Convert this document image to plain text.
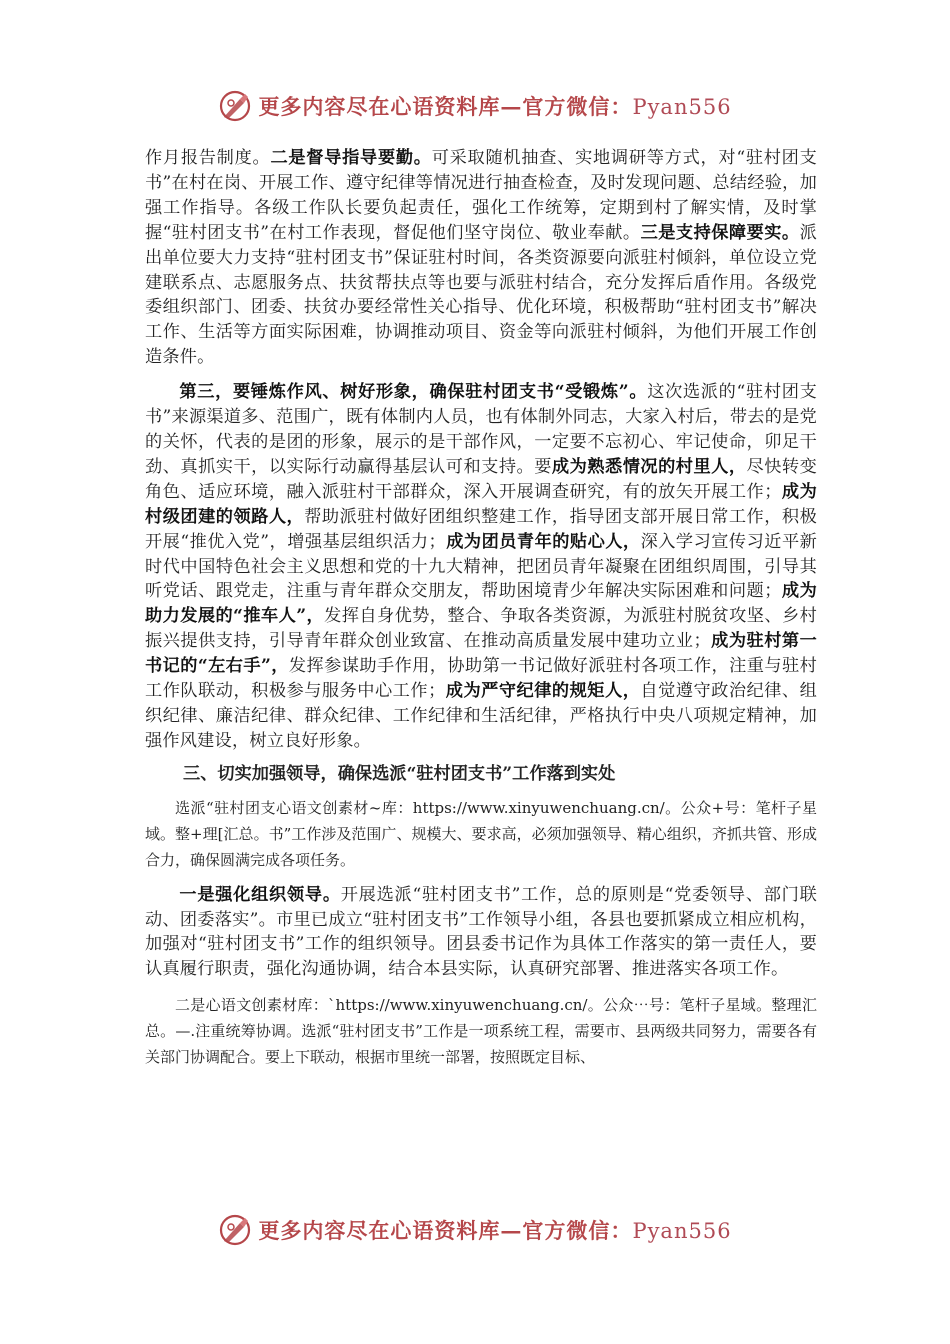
更多内容尽在心语资料库—官方微信：Pyan556

作月报告制度。二是督导指导要勤。可采取随机抽查、实地调研等方式，对“驻村团支书”在村在岗、开展工作、遵守纪律等情况进行抽查检查，及时发现问题、总结经验，加强工作指导。各级工作队长要负起责任，强化工作统筹，定期到村了解实情，及时掌握“驻村团支书”在村工作表现，督促他们坚守岗位、敬业奉献。三是支持保障要实。派出单位要大力支持“驻村团支书”保证驻村时间，各类资源要向派驻村倾斜，单位设立党建联系点、志愿服务点、扶贫帮扶点等也要与派驻村结合，充分发挥后盾作用。各级党委组织部门、团委、扶贫办要经常性关心指导、优化环境，积极帮助“驻村团支书”解决工作、生活等方面实际困难，协调推动项目、资金等向派驻村倾斜，为他们开展工作创造条件。

第三，要锤炼作风、树好形象，确保驻村团支书“受锻炼”。这次选派的“驻村团支书”来源渠道多、范围广，既有体制内人员，也有体制外同志，大家入村后，带去的是党的关怀，代表的是团的形象，展示的是干部作风，一定要不忘初心、牢记使命，卯足干劲、真抓实干，以实际行动赢得基层认可和支持。要成为熟悉情况的村里人，尽快转变角色、适应环境，融入派驻村干部群众，深入开展调查研究，有的放矢开展工作；成为村级团建的领路人，帮助派驻村做好团组织整建工作，指导团支部开展日常工作，积极开展“推优入党”，增强基层组织活力；成为团员青年的贴心人，深入学习宣传习近平新时代中国特色社会主义思想和党的十九大精神，把团员青年凝聚在团组织周围，引导其听党话、跟党走，注重与青年群众交朋友，帮助困境青少年解决实际困难和问题；成为助力发展的“推车人”，发挥自身优势，整合、争取各类资源，为派驻村脱贫攻坚、乡村振兴提供支持，引导青年群众创业致富、在推动高质量发展中建功立业；成为驻村第一书记的“左右手”，发挥参谋助手作用，协助第一书记做好派驻村各项工作，注重与驻村工作队联动，积极参与服务中心工作；成为严守纪律的规矩人，自觉遵守政治纪律、组织纪律、廉洁纪律、群众纪律、工作纪律和生活纪律，严格执行中央八项规定精神，加强作风建设，树立良好形象。

三、切实加强领导，确保选派“驻村团支书”工作落到实处

选派“驻村团支心语文创素材~库：https://www.xinyuwenchuang.cn/。公众+号：笔杆子星域。整+理[汇总。书”工作涉及范围广、规模大、要求高，必须加强领导、精心组织，齐抓共管、形成合力，确保圆满完成各项任务。

一是强化组织领导。开展选派“驻村团支书”工作，总的原则是“党委领导、部门联动、团委落实”。市里已成立“驻村团支书”工作领导小组，各县也要抓紧成立相应机构，加强对“驻村团支书”工作的组织领导。团县委书记作为具体工作落实的第一责任人，要认真履行职责，强化沟通协调，结合本县实际，认真研究部署、推进落实各项工作。

二是心语文创素材库：`https://www.xinyuwenchuang.cn/。公众⋯号：笔杆子星域。整理汇总。—.注重统筹协调。选派“驻村团支书”工作是一项系统工程，需要市、县两级共同努力，需要各有关部门协调配合。要上下联动，根据市里统一部署，按照既定目标、

更多内容尽在心语资料库—官方微信：Pyan556
